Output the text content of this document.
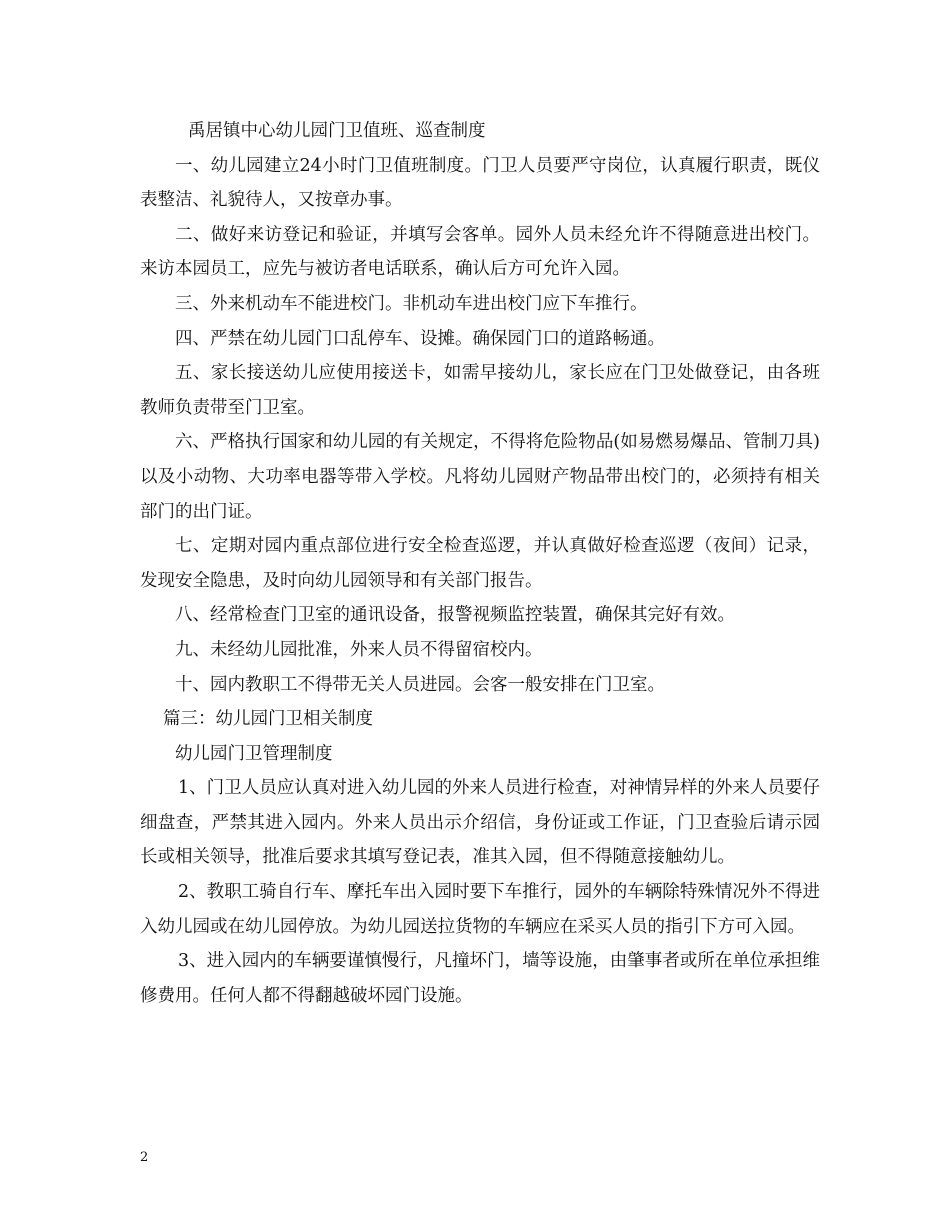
禹居镇中心幼儿园门卫值班、巡查制度

一、幼儿园建立24小时门卫值班制度。门卫人员要严守岗位，认真履行职责，既仪表整洁、礼貌待人，又按章办事。

二、做好来访登记和验证，并填写会客单。园外人员未经允许不得随意进出校门。来访本园员工，应先与被访者电话联系，确认后方可允许入园。

三、外来机动车不能进校门。非机动车进出校门应下车推行。

四、严禁在幼儿园门口乱停车、设摊。确保园门口的道路畅通。

五、家长接送幼儿应使用接送卡，如需早接幼儿，家长应在门卫处做登记，由各班教师负责带至门卫室。

六、严格执行国家和幼儿园的有关规定，不得将危险物品(如易燃易爆品、管制刀具)以及小动物、大功率电器等带入学校。凡将幼儿园财产物品带出校门的，必须持有相关部门的出门证。

七、定期对园内重点部位进行安全检查巡逻，并认真做好检查巡逻（夜间）记录，发现安全隐患，及时向幼儿园领导和有关部门报告。

八、经常检查门卫室的通讯设备，报警视频监控装置，确保其完好有效。

九、未经幼儿园批准，外来人员不得留宿校内。

十、园内教职工不得带无关人员进园。会客一般安排在门卫室。

篇三：幼儿园门卫相关制度

幼儿园门卫管理制度

1、门卫人员应认真对进入幼儿园的外来人员进行检查，对神情异样的外来人员要仔细盘查，严禁其进入园内。外来人员出示介绍信，身份证或工作证，门卫查验后请示园长或相关领导，批准后要求其填写登记表，准其入园，但不得随意接触幼儿。

2、教职工骑自行车、摩托车出入园时要下车推行，园外的车辆除特殊情况外不得进入幼儿园或在幼儿园停放。为幼儿园送拉货物的车辆应在采买人员的指引下方可入园。

3、进入园内的车辆要谨慎慢行，凡撞坏门，墙等设施，由肇事者或所在单位承担维修费用。任何人都不得翻越破坏园门设施。

2
